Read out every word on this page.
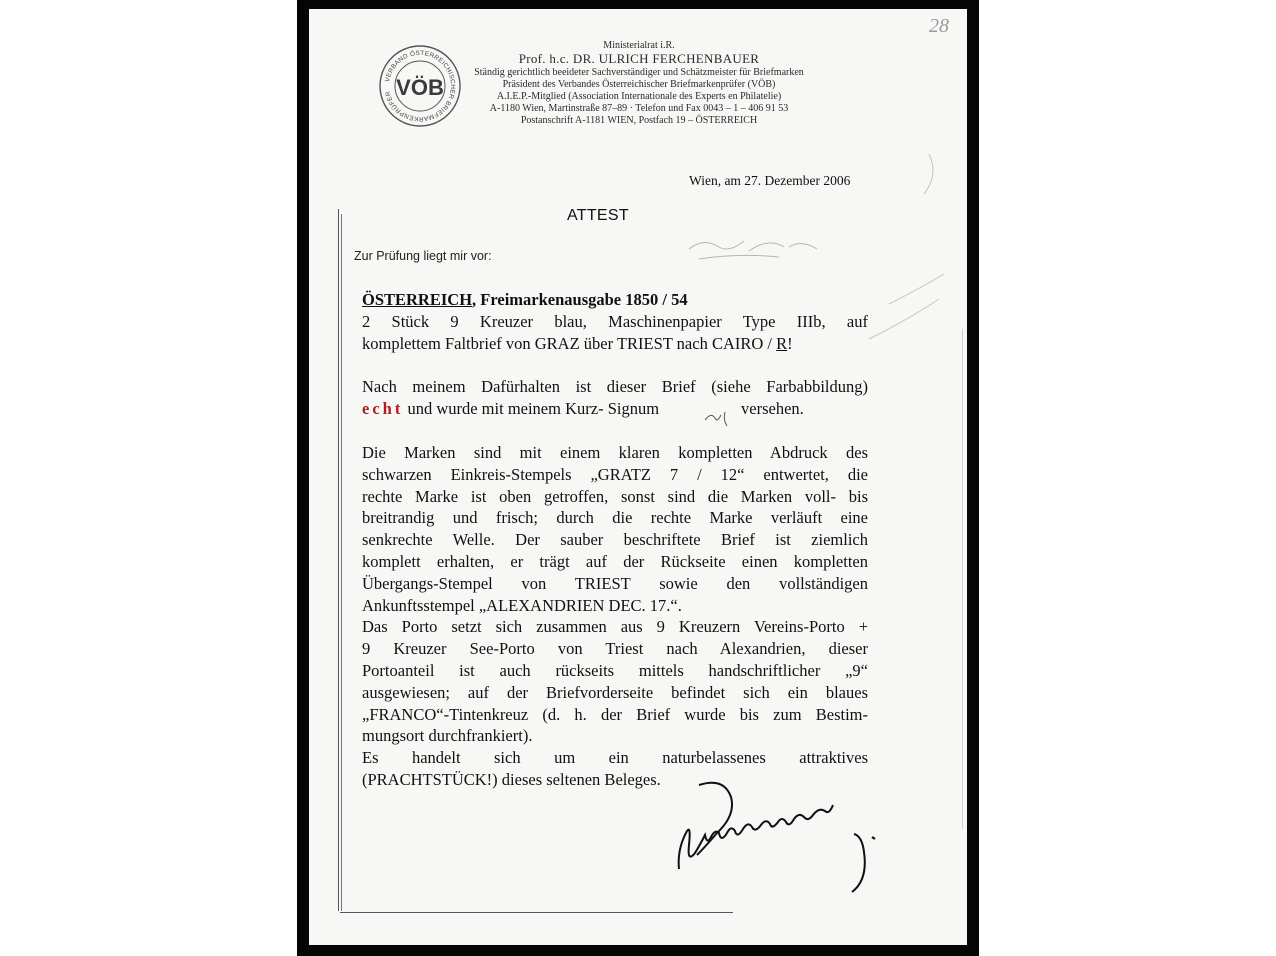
28
VERBAND ÖSTERREICHISCHER BRIEFMARKENPRÜFER VÖB
Ministerialrat i.R.
Prof. h.c. DR. ULRICH FERCHENBAUER
Ständig gerichtlich beeideter Sachverständiger und Schätzmeister für Briefmarken
Präsident des Verbandes Österreichischer Briefmarkenprüfer (VÖB)
A.I.E.P.-Mitglied (Association Internationale des Experts en Philatelie)
A-1180 Wien, Martinstraße 87–89 · Telefon und Fax 0043 – 1 – 406 91 53
Postanschrift A-1181 WIEN, Postfach 19 – ÖSTERREICH
Wien, am 27. Dezember 2006
ATTEST
Zur Prüfung liegt mir vor:
ÖSTERREICH, Freimarkenausgabe 1850 / 54
2 Stück 9 Kreuzer blau, Maschinenpapier Type IIIb, auf
komplettem Faltbrief von GRAZ über TRIEST nach CAIRO / R!
Nach meinem Dafürhalten ist dieser Brief (siehe Farbabbildung)
echt und wurde mit meinem Kurz- Signum	versehen.
Die Marken sind mit einem klaren kompletten Abdruck des
schwarzen Einkreis-Stempels „GRATZ 7 / 12“ entwertet, die
rechte Marke ist oben getroffen, sonst sind die Marken voll- bis
breitrandig und frisch; durch die rechte Marke verläuft eine
senkrechte Welle. Der sauber beschriftete Brief ist ziemlich
komplett erhalten, er trägt auf der Rückseite einen kompletten
Übergangs-Stempel von TRIEST sowie den vollständigen
Ankunftsstempel „ALEXANDRIEN DEC. 17.“.
Das Porto setzt sich zusammen aus 9 Kreuzern Vereins-Porto +
9 Kreuzer See-Porto von Triest nach Alexandrien, dieser
Portoanteil ist auch rückseits mittels handschriftlicher „9“
ausgewiesen; auf der Briefvorderseite befindet sich ein blaues
„FRANCO“-Tintenkreuz (d. h. der Brief wurde bis zum Bestim-
mungsort durchfrankiert).
Es handelt sich um ein naturbelassenes attraktives
(PRACHTSTÜCK!) dieses seltenen Beleges.
